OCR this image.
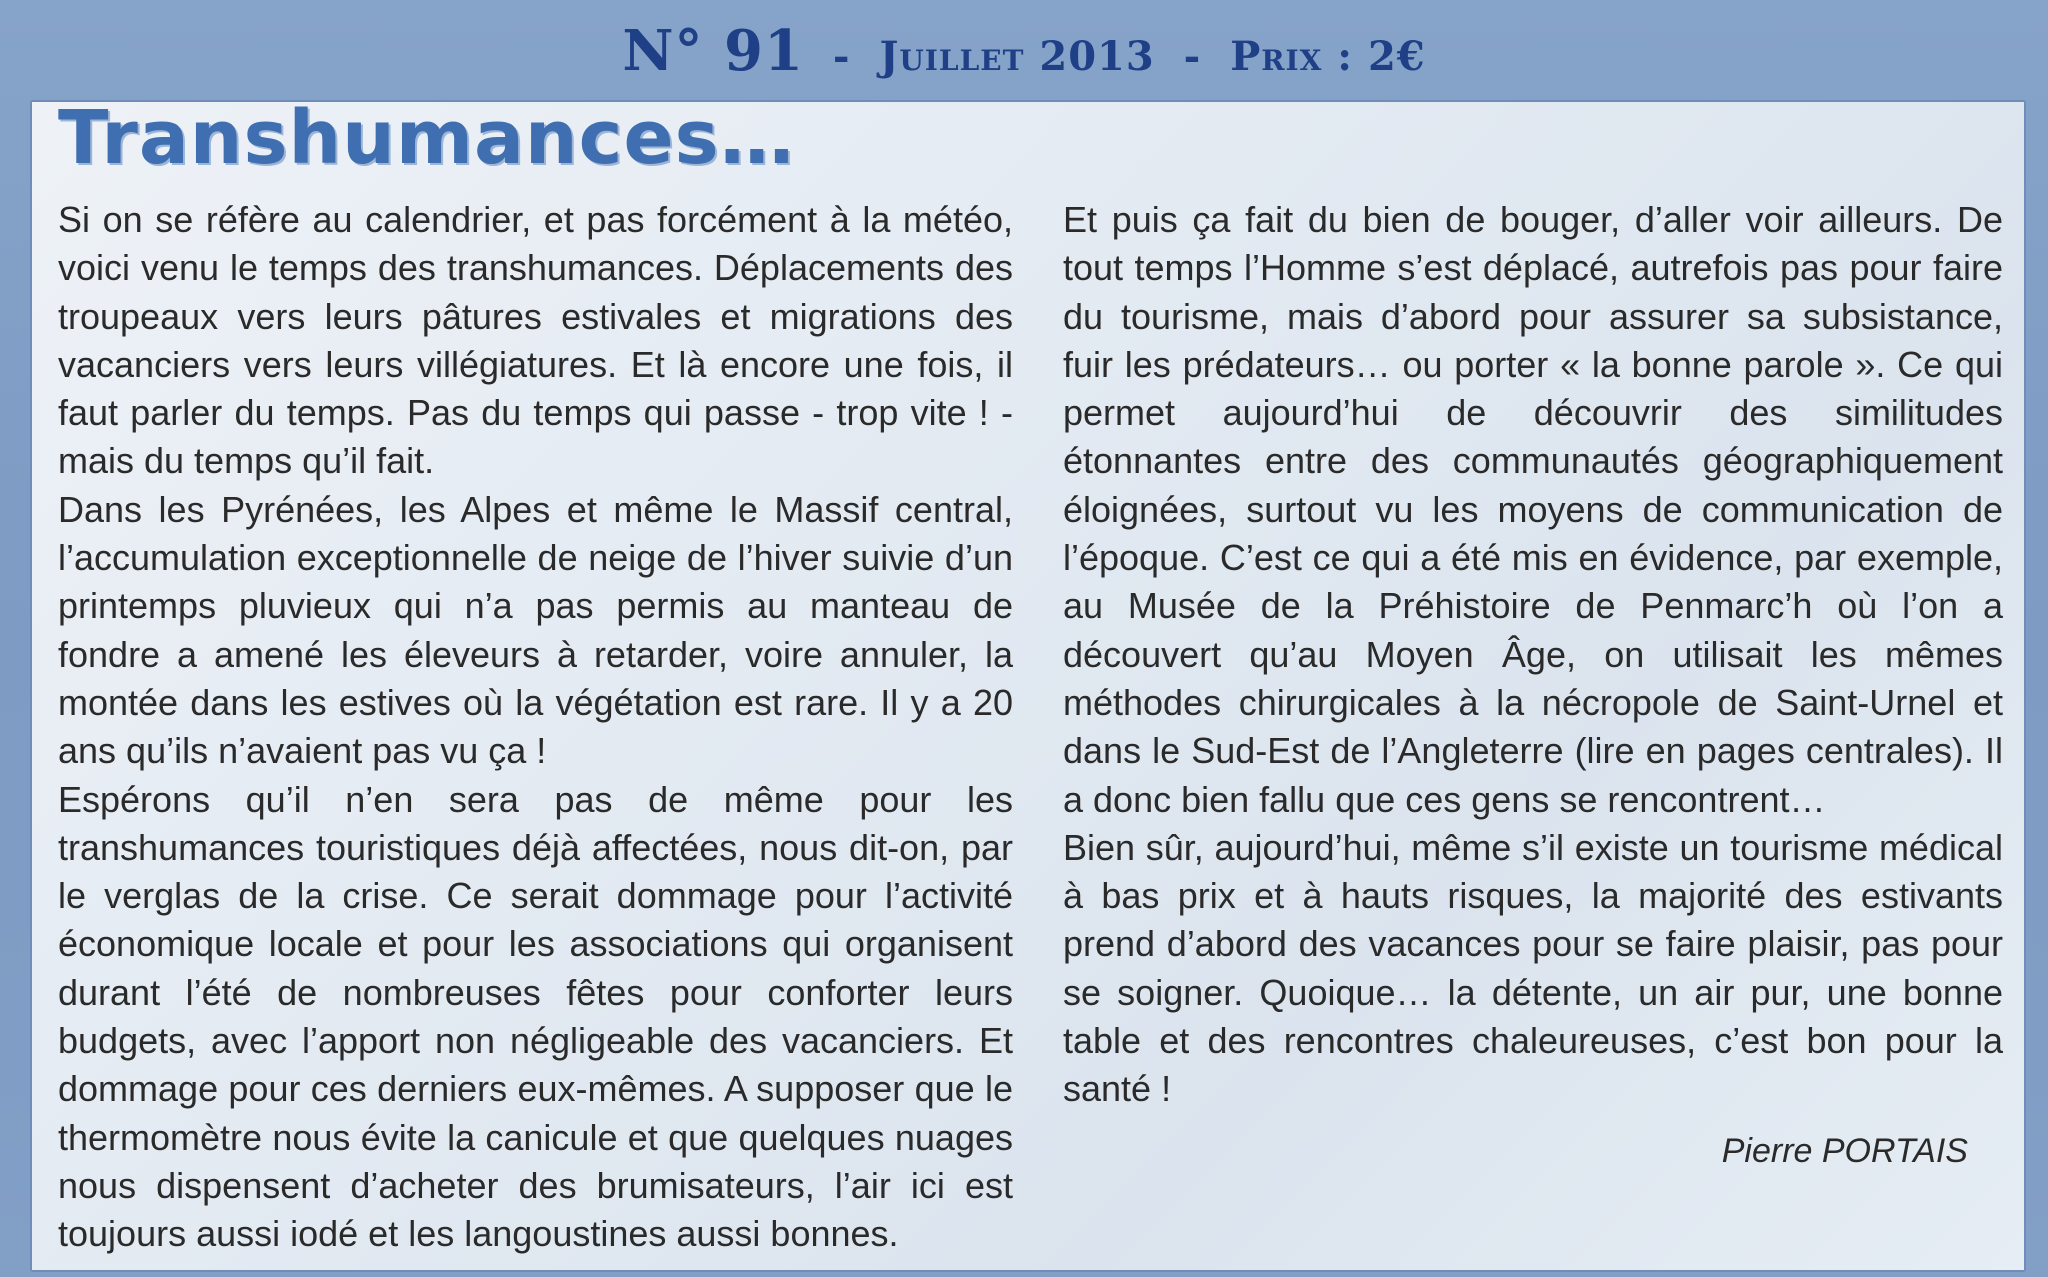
N° 91 - Juillet 2013 - Prix : 2€
Transhumances…

Si on se réfère au calendrier, et pas forcément à la météo, voici venu le temps des transhumances. Déplacements des troupeaux vers leurs pâtures estivales et migrations des vacanciers vers leurs villégiatures. Et là encore une fois, il faut parler du temps. Pas du temps qui passe - trop vite ! - mais du temps qu’il fait.

Dans les Pyrénées, les Alpes et même le Massif central, l’accumulation exceptionnelle de neige de l’hiver suivie d’un printemps pluvieux qui n’a pas permis au manteau de fondre a amené les éleveurs à retarder, voire annuler, la montée dans les estives où la végétation est rare. Il y a 20 ans qu’ils n’avaient pas vu ça !

Espérons qu’il n’en sera pas de même pour les transhumances touristiques déjà affectées, nous dit-on, par le verglas de la crise. Ce serait dommage pour l’activité économique locale et pour les associations qui organisent durant l’été de nombreuses fêtes pour conforter leurs budgets, avec l’apport non négligeable des vacanciers. Et dommage pour ces derniers eux-mêmes. A supposer que le thermomètre nous évite la canicule et que quelques nuages nous dispensent d’acheter des brumisateurs, l’air ici est toujours aussi iodé et les langoustines aussi bonnes.

Et puis ça fait du bien de bouger, d’aller voir ailleurs. De tout temps l’Homme s’est déplacé, autrefois pas pour faire du tourisme, mais d’abord pour assurer sa subsistance, fuir les prédateurs… ou porter « la bonne parole ». Ce qui permet aujourd’hui de découvrir des similitudes étonnantes entre des communautés géographiquement éloignées, surtout vu les moyens de communication de l’époque. C’est ce qui a été mis en évidence, par exemple, au Musée de la Préhistoire de Penmarc’h où l’on a découvert qu’au Moyen Âge, on utilisait les mêmes méthodes chirurgicales à la nécropole de Saint-Urnel et dans le Sud-Est de l’Angleterre (lire en pages centrales). Il a donc bien fallu que ces gens se rencontrent…

Bien sûr, aujourd’hui, même s’il existe un tourisme médical à bas prix et à hauts risques, la majorité des estivants prend d’abord des vacances pour se faire plaisir, pas pour se soigner. Quoique… la détente, un air pur, une bonne table et des rencontres chaleureuses, c’est bon pour la santé !

Pierre PORTAIS
